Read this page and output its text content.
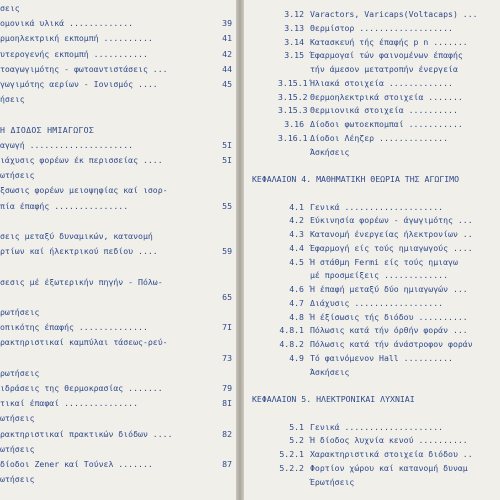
σεις
ομονικά υλικά .............	39
ρμοηλεκτρική εκπομπή ..........	41
υτερογενής εκπομπή ...........	42
τοαγωγιμότης - φωτοαντιστάσεις ...	44
γωγιμότης αερίων - Ιονισμός ....	45
ήσεις
Η ΔΙΟΔΟΣ ΗΜΙΑΓΩΓΟΣ
αγωγή .....................	5I
ιάχυσις φορέων έκ περισσείας ....	5I
ωτήσεις
ξσωσις φορέων μειοψηφίας καί ισορ-
πία έπαφής ...............	55
σεις μεταξύ δυναμικών, κατανομή
ρτίων καί ήλεκτρικού πεδίου ....	59
σεσις μέ έξωτερικήν πηγήν - Πόλω-
65
ρωτήσεις
οπικότης έπαφής ..............	7I
ρακτηριστικαί καμπύλαι τάσεως-ρεύ-
73
ρωτήσεις
ιδράσεις της θερμοκρασίας .......	79
τικαί έπαφαί ...............	8I
ωτήσεις
ρακτηριστικαί πρακτικών διόδων ....	82
ωτήσεις
δίοδοι Zener καί Τούνελ .......	87
ωτήσεις
3.12 Varactors, Varicaps(Voltacaps) ...
3.13 Θερμίστορ ...................
3.14 Κατασκευή τής έπαφής p n .......
3.15 Έφαρμογαί τών φαινομένων έπαφής
τήν άμεσον μετατροπήν ένεργεία
3.15.1 Ήλιακά στοιχεία .............
3.15.2 Θερμοηλεκτρικά στοιχεία .......
3.15.3 Θερμιονικά στοιχεία ..........
3.16 Δίοδοι φωτοεκπομπαί ...........
3.16.1 Δίοδοι Λέηζερ ..............
Άσκήσεις
ΚΕΦΑΛΑΙΟΝ 4. ΜΑΘΗΜΑΤΙΚΗ ΘΕΩΡΙΑ ΤΗΣ ΑΓΩΓΙΜΟ
4.1 Γενικά ....................
4.2 Εύκινησία φορέων - άγωγιμότης ...
4.3 Κατανομή ένεργείας ήλεκτρονίων ..
4.4 Έφαρμογή είς τούς ημιαγωγούς ....
4.5 Ή στάθμη Fermi είς τούς ημιαγω
μέ προσμείξεις .............
4.6 Ή έπαφή μεταξύ δύο ημιαγωγών ...
4.7 Διάχυσις ..................
4.8 Ή έξίσωσις τής διόδου ..........
4.8.1 Πόλωσις κατά τήν όρθήν φοράν ...
4.8.2 Πόλωσις κατά τήν άνάστροφον φοράν
4.9 Τό φαινόμενον Hall ..........
Άσκήσεις
ΚΕΦΑΛΑΙΟΝ 5. ΗΛΕΚΤΡΟΝΙΚΑΙ ΛΥΧΝΙΑΙ
5.1 Γενικά ....................
5.2 Ή δίοδος λυχνία κενού ..........
5.2.1 Χαρακτηριστικά στοιχεία διόδου ..
5.2.2 Φορτίον χώρου καί κατανομή δυναμ
Έρωτήσεις
